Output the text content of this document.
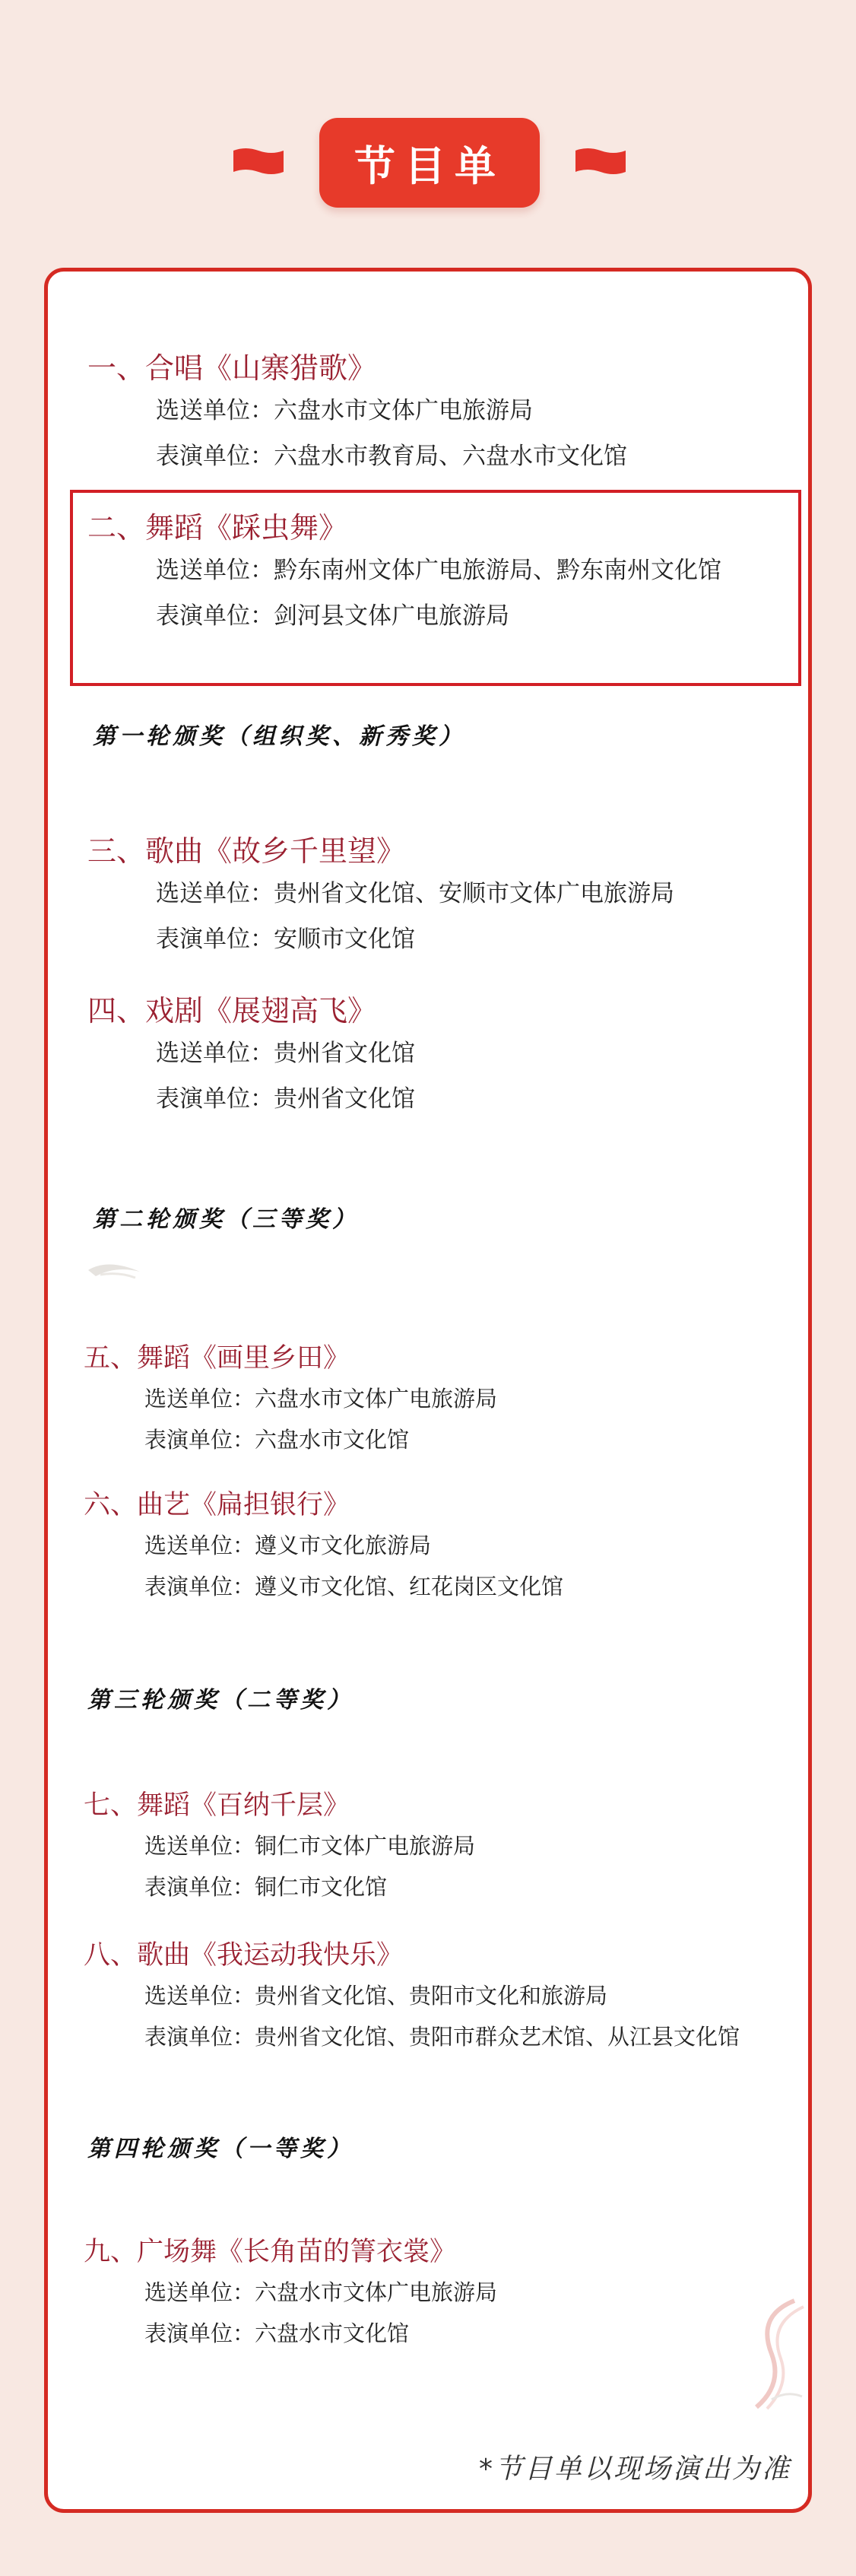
节目单
一、合唱《山寨猎歌》
选送单位：六盘水市文体广电旅游局
表演单位：六盘水市教育局、六盘水市文化馆
二、舞蹈《踩虫舞》
选送单位：黔东南州文体广电旅游局、黔东南州文化馆
表演单位：剑河县文体广电旅游局
第一轮颁奖（组织奖、新秀奖）
三、歌曲《故乡千里望》
选送单位：贵州省文化馆、安顺市文体广电旅游局
表演单位：安顺市文化馆
四、戏剧《展翅高飞》
选送单位：贵州省文化馆
表演单位：贵州省文化馆
第二轮颁奖（三等奖）
五、舞蹈《画里乡田》
选送单位：六盘水市文体广电旅游局
表演单位：六盘水市文化馆
六、曲艺《扁担银行》
选送单位：遵义市文化旅游局
表演单位：遵义市文化馆、红花岗区文化馆
第三轮颁奖（二等奖）
七、舞蹈《百纳千层》
选送单位：铜仁市文体广电旅游局
表演单位：铜仁市文化馆
八、歌曲《我运动我快乐》
选送单位：贵州省文化馆、贵阳市文化和旅游局
表演单位：贵州省文化馆、贵阳市群众艺术馆、从江县文化馆
第四轮颁奖（一等奖）
九、广场舞《长角苗的箐衣裳》
选送单位：六盘水市文体广电旅游局
表演单位：六盘水市文化馆
*节目单以现场演出为准
